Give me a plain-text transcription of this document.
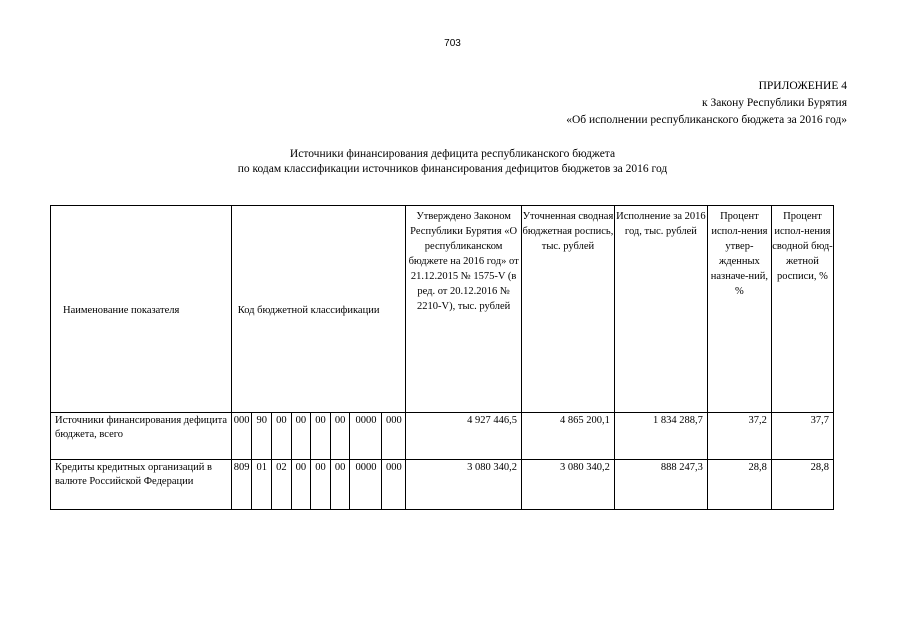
703
ПРИЛОЖЕНИЕ 4
к Закону Республики Бурятия
«Об исполнении республиканского бюджета за 2016 год»
Источники финансирования дефицита республиканского бюджета
по кодам классификации источников финансирования дефицитов бюджетов за 2016 год
Наименование показателя	Код бюджетной классификации								Утверждено Законом Республики Бурятия «О республиканском бюджете на 2016 год» от 21.12.2015 № 1575-V (в ред. от 20.12.2016 № 2210-V), тыс. рублей	Уточненная сводная бюджетная роспись, тыс. рублей	Исполнение за 2016 год, тыс. рублей	Процент испол-нения утвер-жденных назначе-ний, %	Процент испол-нения сводной бюд-жетной росписи, %
Источники финансирования дефицита бюджета, всего	000	90	00	00	00	00	0000	000	4 927 446,5	4 865 200,1	1 834 288,7	37,2	37,7
Кредиты кредитных организаций в валюте Российской Федерации	809	01	02	00	00	00	0000	000	3 080 340,2	3 080 340,2	888 247,3	28,8	28,8
